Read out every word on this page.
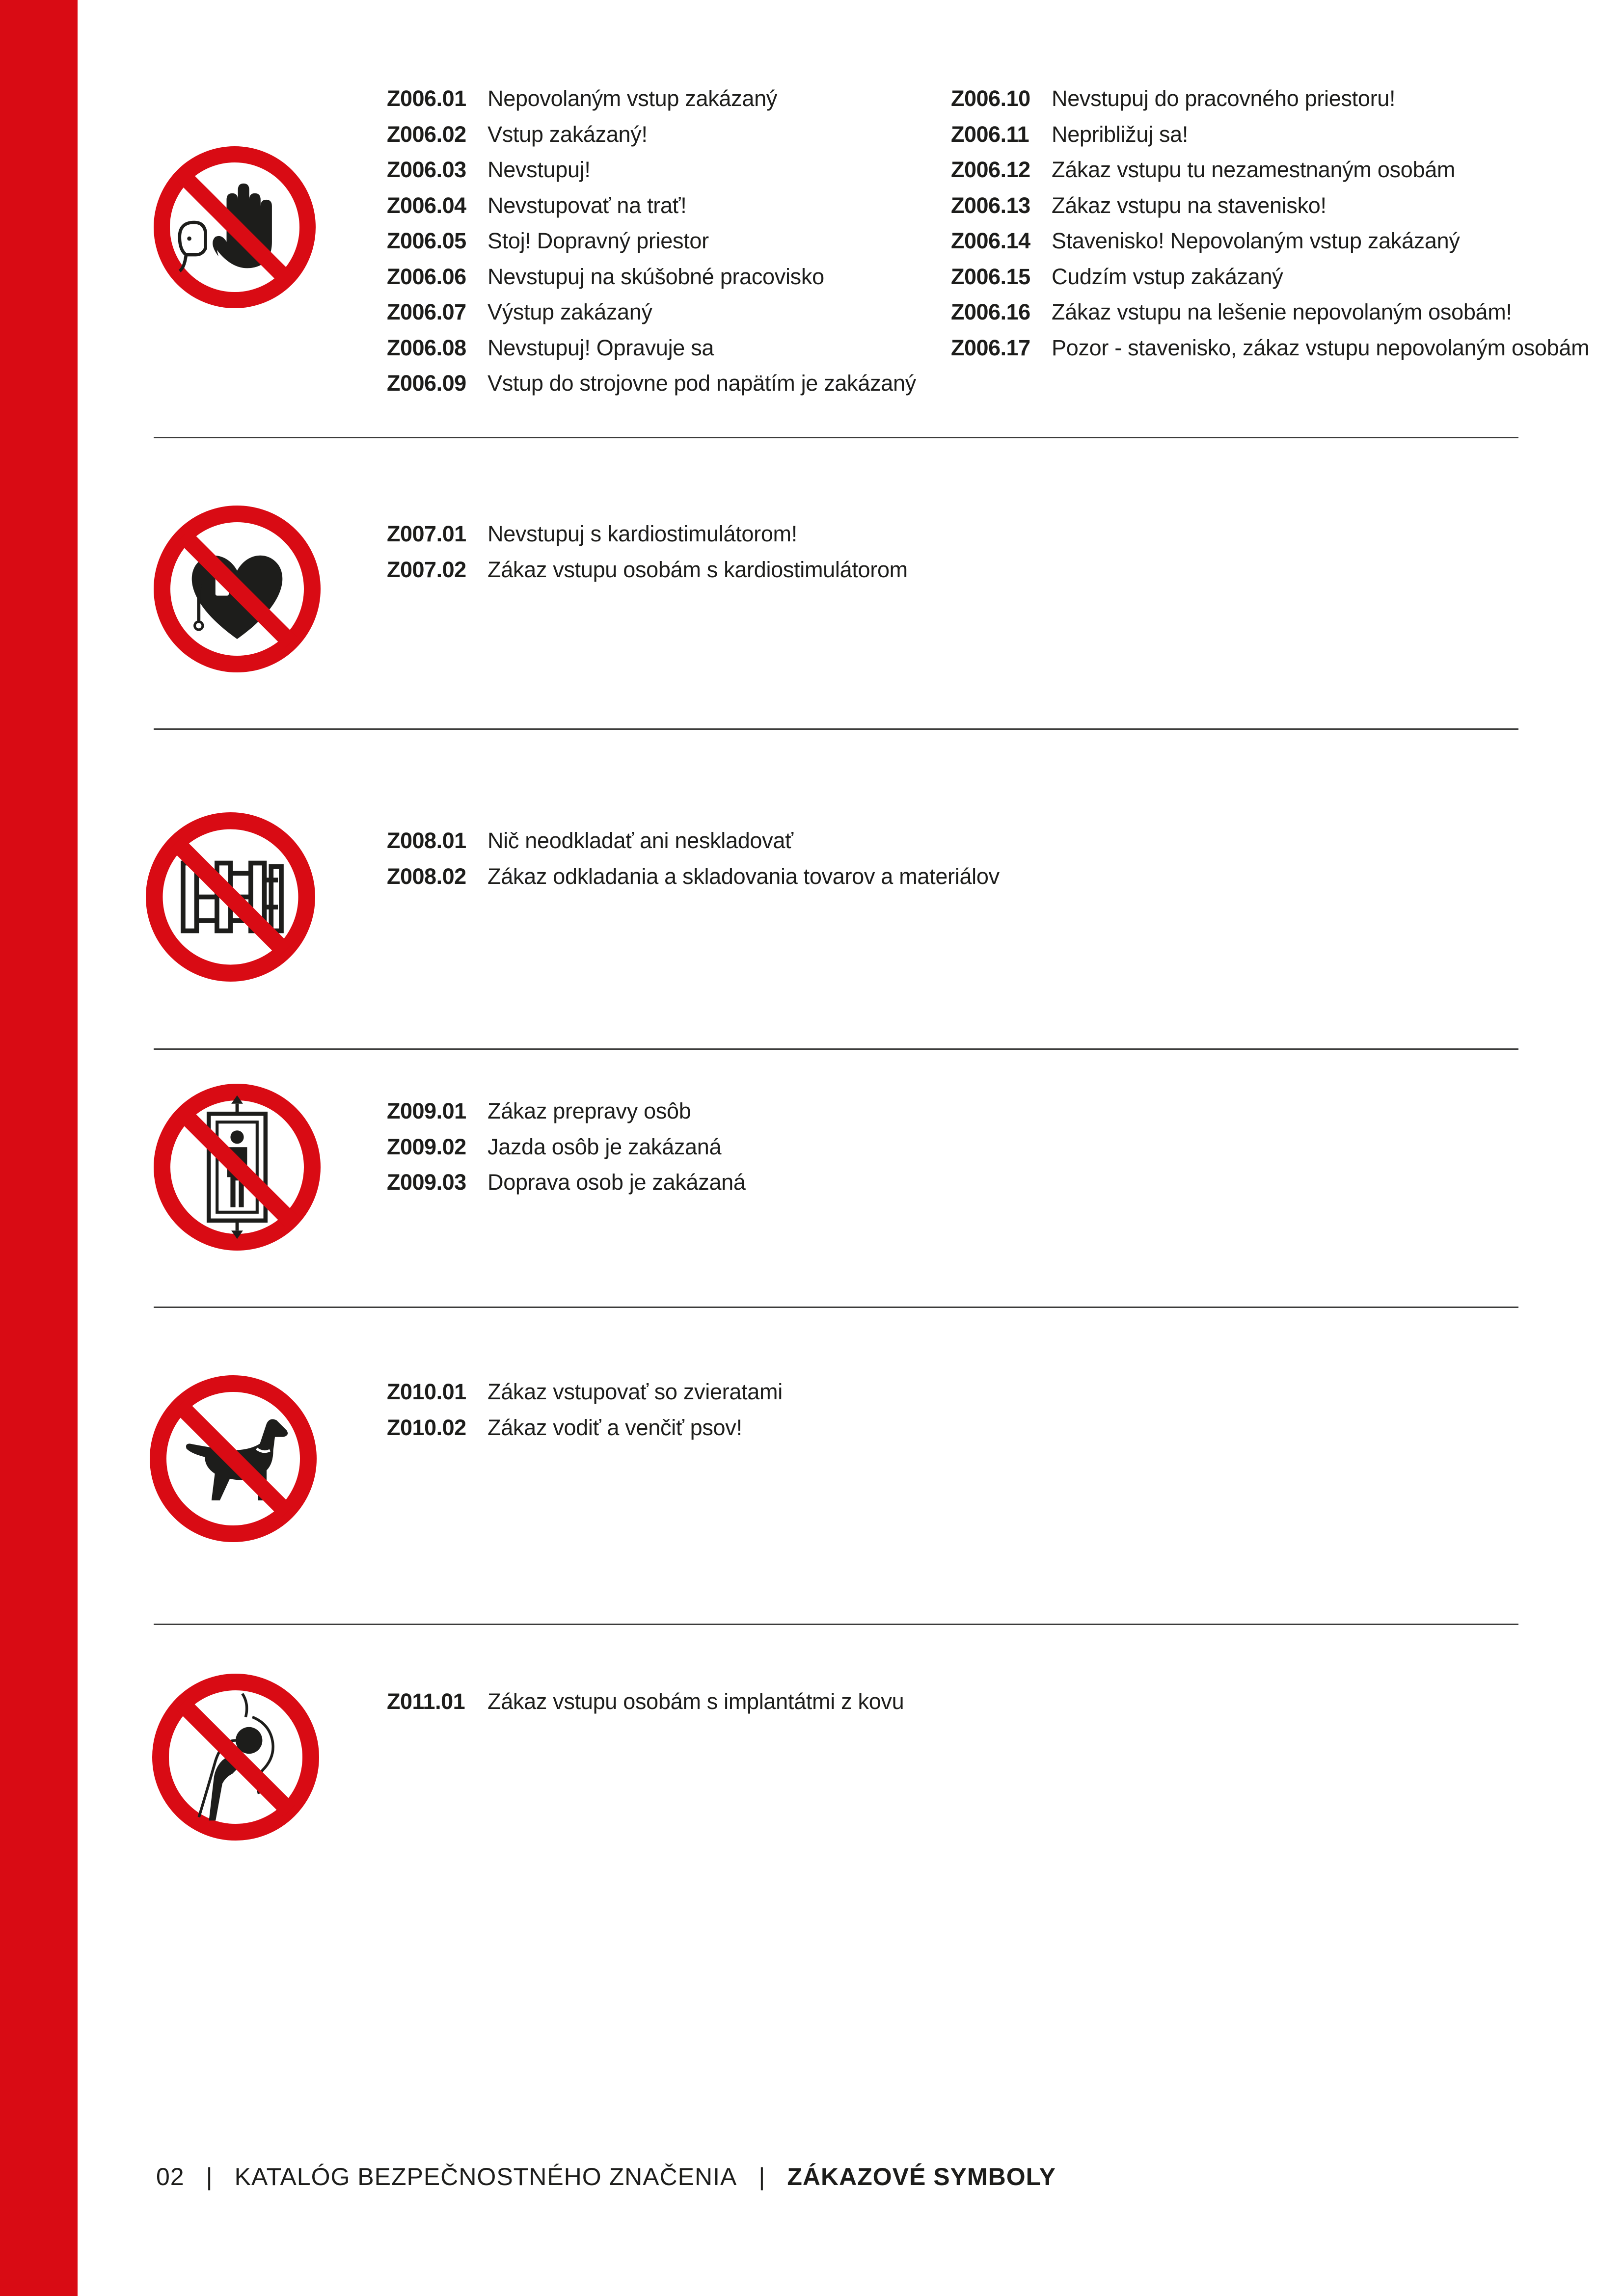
Z006.01 Nepovolaným vstup zakázaný
Z006.02 Vstup zakázaný!
Z006.03 Nevstupuj!
Z006.04 Nevstupovať na trať!
Z006.05 Stoj! Dopravný priestor
Z006.06 Nevstupuj na skúšobné pracovisko
Z006.07 Výstup zakázaný
Z006.08 Nevstupuj! Opravuje sa
Z006.09 Vstup do strojovne pod napätím je zakázaný
Z006.10 Nevstupuj do pracovného priestoru!
Z006.11	Nepribližuj sa!
Z006.12 Zákaz vstupu tu nezamestnaným osobám
Z006.13 Zákaz vstupu na stavenisko!
Z006.14 Stavenisko! Nepovolaným vstup zakázaný
Z006.15 Cudzím vstup zakázaný
Z006.16 Zákaz vstupu na lešenie nepovolaným osobám!
Z006.17 Pozor - stavenisko, zákaz vstupu nepovolaným osobám
Z007.01 Nevstupuj s kardiostimulátorom!
Z007.02 Zákaz vstupu osobám s kardiostimulátorom
Z008.01 Nič neodkladať ani neskladovať
Z008.02 Zákaz odkladania a skladovania tovarov a materiálov
Z009.01 Zákaz prepravy osôb
Z009.02 Jazda osôb je zakázaná
Z009.03 Doprava osob je zakázaná
Z010.01 Zákaz vstupovať so zvieratami
Z010.02 Zákaz vodiť a venčiť psov!
Z011.01	Zákaz vstupu osobám s implantátmi z kovu
02 | KATALÓG BEZPEČNOSTNÉHO ZNAČENIA | ZÁKAZOVÉ SYMBOLY
